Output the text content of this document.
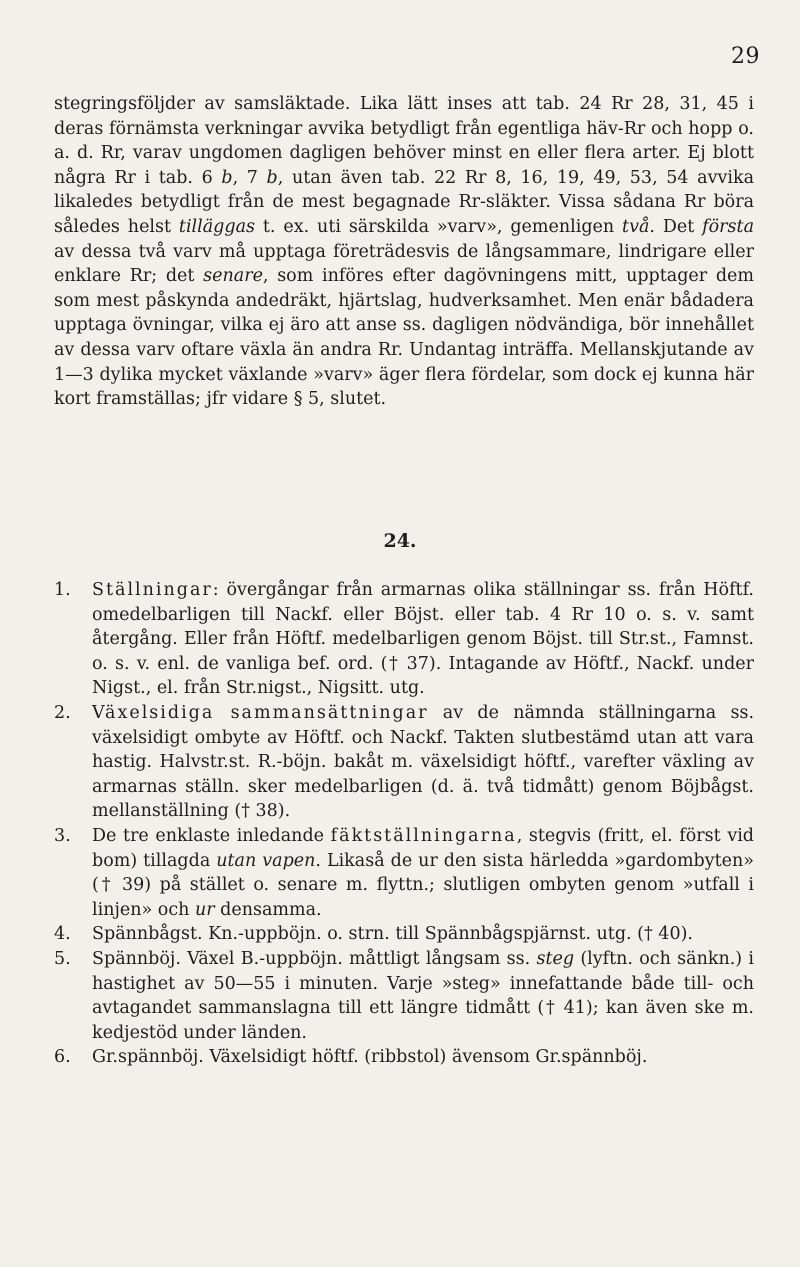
29

stegringsföljder av samsläktade. Lika lätt inses att tab. 24 Rr 28, 31, 45 i deras förnämsta verkningar avvika betydligt från egentliga häv-Rr och hopp o. a. d. Rr, varav ungdomen dagligen behöver minst en eller flera arter. Ej blott några Rr i tab. 6 b, 7 b, utan även tab. 22 Rr 8, 16, 19, 49, 53, 54 avvika likaledes betydligt från de mest begagnade Rr-släkter. Vissa sådana Rr böra således helst tilläggas t. ex. uti särskilda »varv», gemenligen två. Det första av dessa två varv må upptaga företrädesvis de långsammare, lindrigare eller enklare Rr; det senare, som införes efter dagövningens mitt, upptager dem som mest påskynda andedräkt, hjärtslag, hudverksamhet. Men enär bådadera upptaga övningar, vilka ej äro att anse ss. dagligen nödvändiga, bör innehållet av dessa varv oftare växla än andra Rr. Undantag inträffa. Mellanskjutande av 1—3 dylika mycket växlande »varv» äger flera fördelar, som dock ej kunna här kort framställas; jfr vidare § 5, slutet.

24.
1.	Ställningar: övergångar från armarnas olika ställningar ss. från Höftf. omedelbarligen till Nackf. eller Böjst. eller tab. 4 Rr 10 o. s. v. samt återgång. Eller från Höftf. medelbarligen genom Böjst. till Str.st., Famnst. o. s. v. enl. de vanliga bef. ord. († 37). Intagande av Höftf., Nackf. under Nigst., el. från Str.nigst., Nigsitt. utg.
2.	Växelsidiga sammansättningar av de nämnda ställningarna ss. växelsidigt ombyte av Höftf. och Nackf. Takten slutbestämd utan att vara hastig. Halvstr.st. R.-böjn. bakåt m. växelsidigt höftf., varefter växling av armarnas ställn. sker medelbarligen (d. ä. två tidmått) genom Böjbågst. mellanställning († 38).
3.	De tre enklaste inledande fäktställningarna, stegvis (fritt, el. först vid bom) tillagda utan vapen. Likaså de ur den sista härledda »gardombyten» († 39) på stället o. senare m. flyttn.; slutligen ombyten genom »utfall i linjen» och ur densamma.
4.	Spännbågst. Kn.-uppböjn. o. strn. till Spännbågspjärnst. utg. († 40).
5.	Spännböj. Växel B.-uppböjn. måttligt långsam ss. steg (lyftn. och sänkn.) i hastighet av 50—55 i minuten. Varje »steg» innefattande både till- och avtagandet sammanslagna till ett längre tidmått († 41); kan även ske m. kedjestöd under länden.
6.	Gr.spännböj. Växelsidigt höftf. (ribbstol) ävensom Gr.spännböj.
